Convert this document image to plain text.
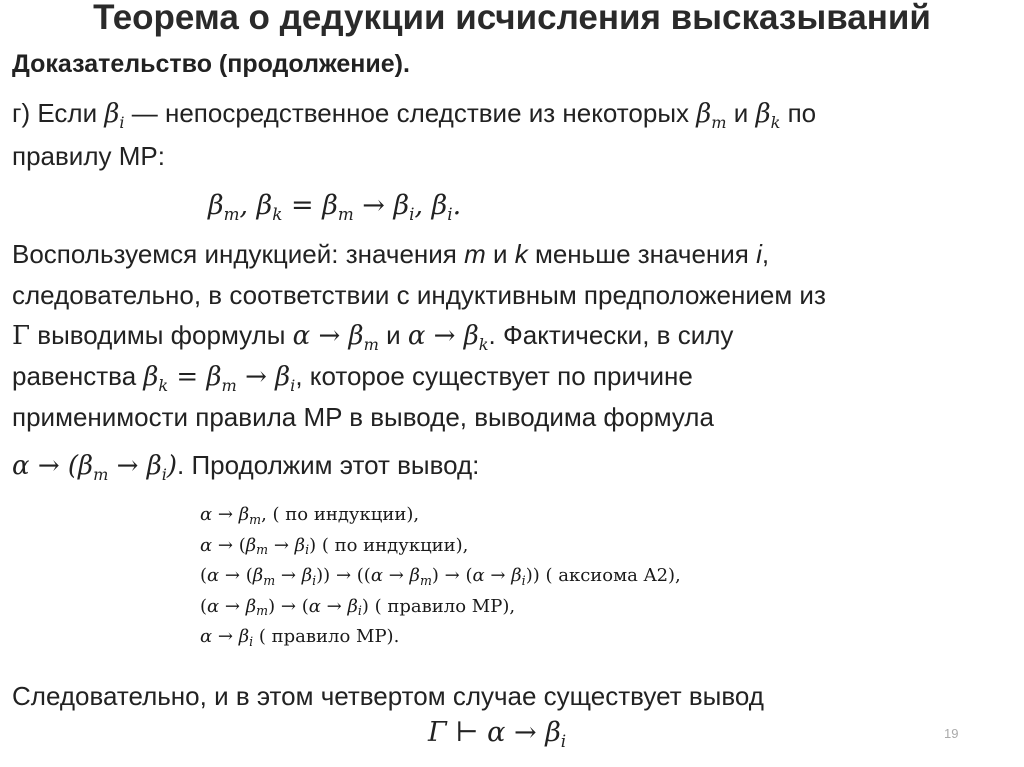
Теорема о дедукции исчисления высказываний
Доказательство (продолжение).
г) Если $\beta_i$ — непосредственное следствие из некоторых $\beta_m$ и $\beta_k$ по
правилу MP:
$\beta_m$, $\beta_k = \beta_m \to \beta_i$, $\beta_i$.
Воспользуемся индукцией: значения m и k меньше значения i,
следовательно, в соответствии с индуктивным предположением из
Γ выводимы формулы $\alpha \to \beta_m$ и $\alpha \to \beta_k$. Фактически, в силу
равенства $\beta_k = \beta_m \to \beta_i$, которое существует по причине
применимости правила MP в выводе, выводима формула
$\alpha \to (\beta_m \to \beta_i)$. Продолжим этот вывод:
$\alpha \to \beta_m$, ( по индукции),
$\alpha \to (\beta_m \to \beta_i)$ ( по индукции),
$(\alpha \to (\beta_m \to \beta_i)) \to ((\alpha \to \beta_m) \to (\alpha \to \beta_i))$ ( аксиома A2),
$(\alpha \to \beta_m) \to (\alpha \to \beta_i)$ ( правило MP),
$\alpha \to \beta_i$ ( правило MP).
Следовательно, и в этом четвертом случае существует вывод
Γ ⊢ $\alpha \to \beta_i$	19
